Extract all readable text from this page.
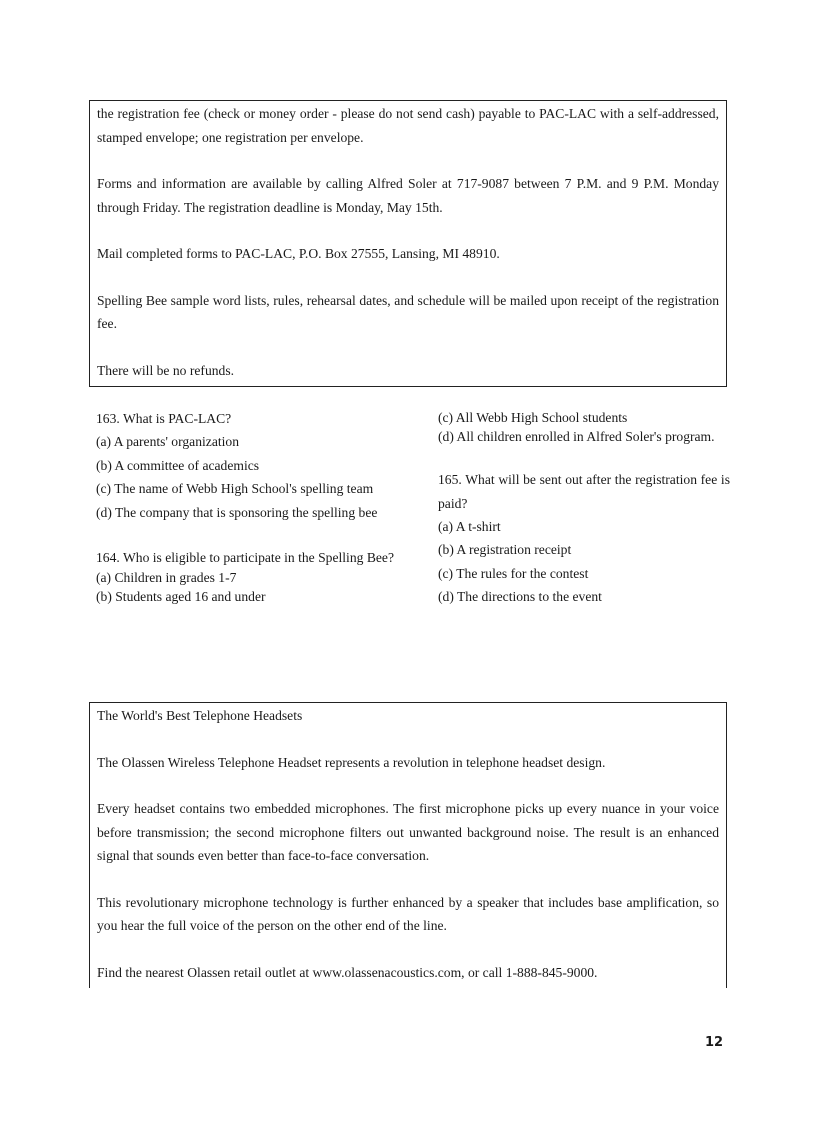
the registration fee (check or money order - please do not send cash) payable to PAC-LAC with a self-addressed, stamped envelope; one registration per envelope.

Forms and information are available by calling Alfred Soler at 717-9087 between 7 P.M. and 9 P.M. Monday through Friday. The registration deadline is Monday, May 15th.

Mail completed forms to PAC-LAC, P.O. Box 27555, Lansing, MI 48910.

Spelling Bee sample word lists, rules, rehearsal dates, and schedule will be mailed upon receipt of the registration fee.

There will be no refunds.

163. What is PAC-LAC?

(a) A parents' organization

(b) A committee of academics

(c) The name of Webb High School's spelling team

(d) The company that is sponsoring the spelling bee

164. Who is eligible to participate in the Spelling Bee?

(a) Children in grades 1-7

(b) Students aged 16 and under

(c) All Webb High School students

(d) All children enrolled in Alfred Soler's program.

165. What will be sent out after the registration fee is paid?

(a) A t-shirt

(b) A registration receipt

(c) The rules for the contest

(d) The directions to the event

The World's Best Telephone Headsets

The Olassen Wireless Telephone Headset represents a revolution in telephone headset design.

Every headset contains two embedded microphones. The first microphone picks up every nuance in your voice before transmission; the second microphone filters out unwanted background noise. The result is an enhanced signal that sounds even better than face-to-face conversation.

This revolutionary microphone technology is further enhanced by a speaker that includes base amplification, so you hear the full voice of the person on the other end of the line.

Find the nearest Olassen retail outlet at www.olassenacoustics.com, or call 1-888-845-9000.

12
